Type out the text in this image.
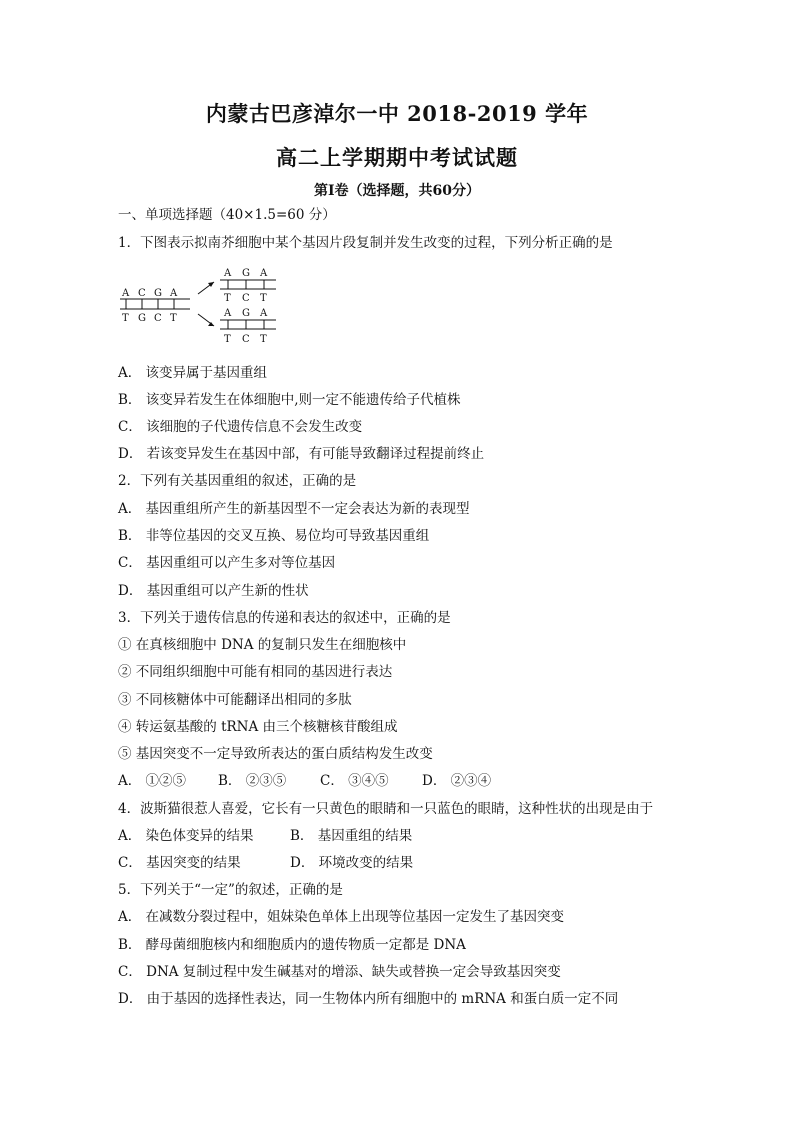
内蒙古巴彦淖尔一中 2018-2019 学年
高二上学期期中考试试题
第Ⅰ卷（选择题，共60分）
一、单项选择题（40×1.5=60 分）
1．下图表示拟南芥细胞中某个基因片段复制并发生改变的过程，下列分析正确的是
A C G A
T G C T
A G A
T C T
A G A
T C T
A． 该变异属于基因重组
B． 该变异若发生在体细胞中,则一定不能遗传给子代植株
C． 该细胞的子代遗传信息不会发生改变
D． 若该变异发生在基因中部，有可能导致翻译过程提前终止
2．下列有关基因重组的叙述，正确的是
A． 基因重组所产生的新基因型不一定会表达为新的表现型
B． 非等位基因的交叉互换、易位均可导致基因重组
C． 基因重组可以产生多对等位基因
D． 基因重组可以产生新的性状
3．下列关于遗传信息的传递和表达的叙述中，正确的是
① 在真核细胞中 DNA 的复制只发生在细胞核中
② 不同组织细胞中可能有相同的基因进行表达
③ 不同核糖体中可能翻译出相同的多肽
④ 转运氨基酸的 tRNA 由三个核糖核苷酸组成
⑤ 基因突变不一定导致所表达的蛋白质结构发生改变
A． ①②⑤ B． ②③⑤	C． ③④⑤ D． ②③④
4．波斯猫很惹人喜爱，它长有一只黄色的眼睛和一只蓝色的眼睛，这种性状的出现是由于
A． 染色体变异的结果	B． 基因重组的结果
C． 基因突变的结果	D． 环境改变的结果
5．下列关于“一定”的叙述，正确的是
A． 在减数分裂过程中，姐妹染色单体上出现等位基因一定发生了基因突变
B． 酵母菌细胞核内和细胞质内的遗传物质一定都是 DNA
C． DNA 复制过程中发生碱基对的增添、缺失或替换一定会导致基因突变
D． 由于基因的选择性表达，同一生物体内所有细胞中的 mRNA 和蛋白质一定不同
